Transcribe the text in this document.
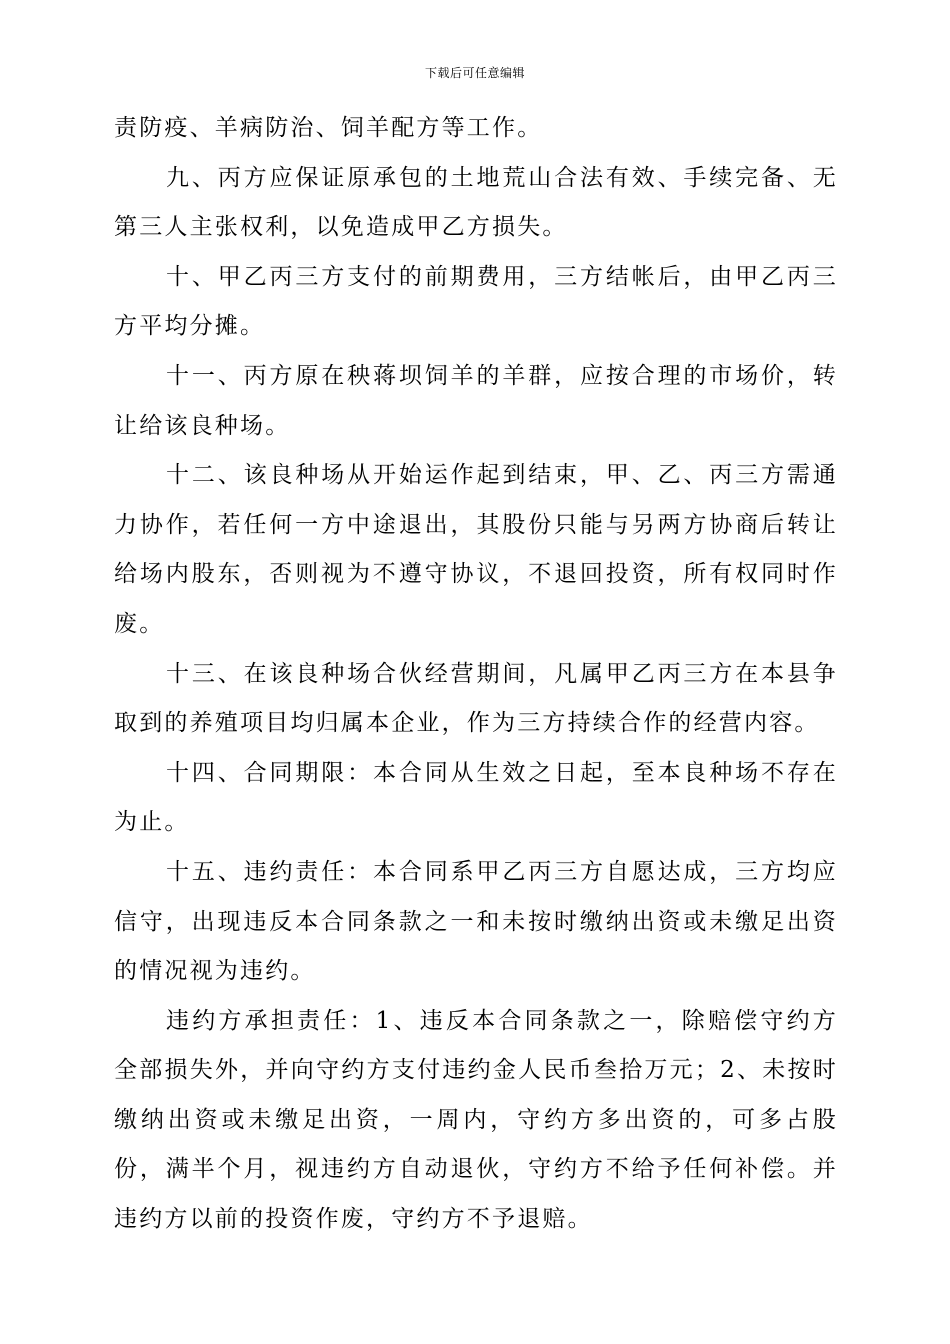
下载后可任意编辑

责防疫、羊病防治、饲羊配方等工作。

九、丙方应保证原承包的土地荒山合法有效、手续完备、无第三人主张权利，以免造成甲乙方损失。

十、甲乙丙三方支付的前期费用，三方结帐后，由甲乙丙三方平均分摊。

十一、丙方原在秧蒋坝饲羊的羊群，应按合理的市场价，转让给该良种场。

十二、该良种场从开始运作起到结束，甲、乙、丙三方需通力协作，若任何一方中途退出，其股份只能与另两方协商后转让给场内股东，否则视为不遵守协议，不退回投资，所有权同时作废。

十三、在该良种场合伙经营期间，凡属甲乙丙三方在本县争取到的养殖项目均归属本企业，作为三方持续合作的经营内容。

十四、合同期限：本合同从生效之日起，至本良种场不存在为止。

十五、违约责任：本合同系甲乙丙三方自愿达成，三方均应信守，出现违反本合同条款之一和未按时缴纳出资或未缴足出资的情况视为违约。

违约方承担责任：1、违反本合同条款之一，除赔偿守约方全部损失外，并向守约方支付违约金人民币叁拾万元；2、未按时缴纳出资或未缴足出资，一周内，守约方多出资的，可多占股份，满半个月，视违约方自动退伙，守约方不给予任何补偿。并违约方以前的投资作废，守约方不予退赔。
